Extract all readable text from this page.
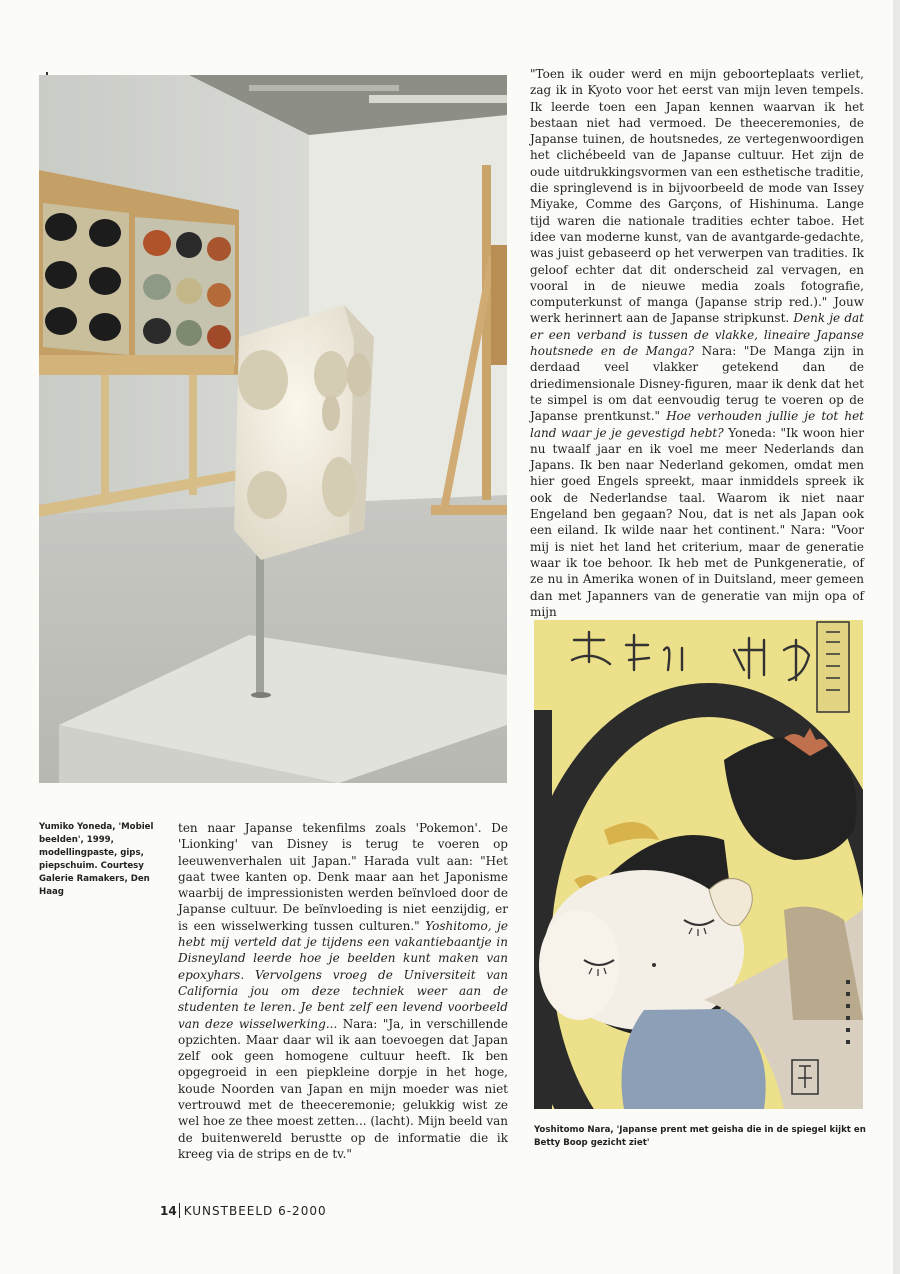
"Toen ik ouder werd en mijn geboorteplaats verliet, zag ik in Kyoto voor het eerst van mijn leven tempels. Ik leerde toen een Japan kennen waarvan ik het bestaan niet had vermoed. De theeceremonies, de Japanse tuinen, de houtsnedes, ze vertegenwoordigen het clichébeeld van de Japanse cultuur. Het zijn de oude uitdrukkingsvormen van een esthetische traditie, die springlevend is in bijvoorbeeld de mode van Issey Miyake, Comme des Garçons, of Hishinuma. Lange tijd waren die nationale tradities echter taboe. Het idee van moderne kunst, van de avantgarde-gedachte, was juist gebaseerd op het verwerpen van tradities. Ik geloof echter dat dit onderscheid zal vervagen, en vooral in de nieuwe media zoals fotografie, computerkunst of manga (Japanse strip red.)." Jouw werk herinnert aan de Japanse stripkunst. Denk je dat er een verband is tussen de vlakke, lineaire Japanse houtsnede en de Manga? Nara: "De Manga zijn in derdaad veel vlakker getekend dan de driedimensionale Disney-figuren, maar ik denk dat het te simpel is om dat eenvoudig terug te voeren op de Japanse prentkunst." Hoe verhouden jullie je tot het land waar je je gevestigd hebt? Yoneda: "Ik woon hier nu twaalf jaar en ik voel me meer Nederlands dan Japans. Ik ben naar Nederland gekomen, omdat men hier goed Engels spreekt, maar inmiddels spreek ik ook de Nederlandse taal. Waarom ik niet naar Engeland ben gegaan? Nou, dat is net als Japan ook een eiland. Ik wilde naar het continent." Nara: "Voor mij is niet het land het criterium, maar de generatie waar ik toe behoor. Ik heb met de Punkgeneratie, of ze nu in Amerika wonen of in Duitsland, meer gemeen dan met Japanners van de generatie van mijn opa of mijn

Yumiko Yoneda, 'Mobiel beelden', 1999, modellingpaste, gips, piepschuim. Courtesy Galerie Ramakers, Den Haag
Yoshitomo Nara, 'Japanse prent met geisha die in de spiegel kijkt en Betty Boop gezicht ziet'

ten naar Japanse tekenfilms zoals 'Pokemon'. De 'Lionking' van Disney is terug te voeren op leeuwenverhalen uit Japan." Harada vult aan: "Het gaat twee kanten op. Denk maar aan het Japonisme waarbij de impressionisten werden beïnvloed door de Japanse cultuur. De beïnvloeding is niet eenzijdig, er is een wisselwerking tussen culturen." Yoshitomo, je hebt mij verteld dat je tijdens een vakantiebaantje in Disneyland leerde hoe je beelden kunt maken van epoxyhars. Vervolgens vroeg de Universiteit van California jou om deze techniek weer aan de studenten te leren. Je bent zelf een levend voorbeeld van deze wisselwerking... Nara: "Ja, in verschillende opzichten. Maar daar wil ik aan toevoegen dat Japan zelf ook geen homogene cultuur heeft. Ik ben opgegroeid in een piepkleine dorpje in het hoge, koude Noorden van Japan en mijn moeder was niet vertrouwd met de theeceremonie; gelukkig wist ze wel hoe ze thee moest zetten... (lacht). Mijn beeld van de buitenwereld berustte op de informatie die ik kreeg via de strips en de tv."

14 KUNSTBEELD 6-2000
